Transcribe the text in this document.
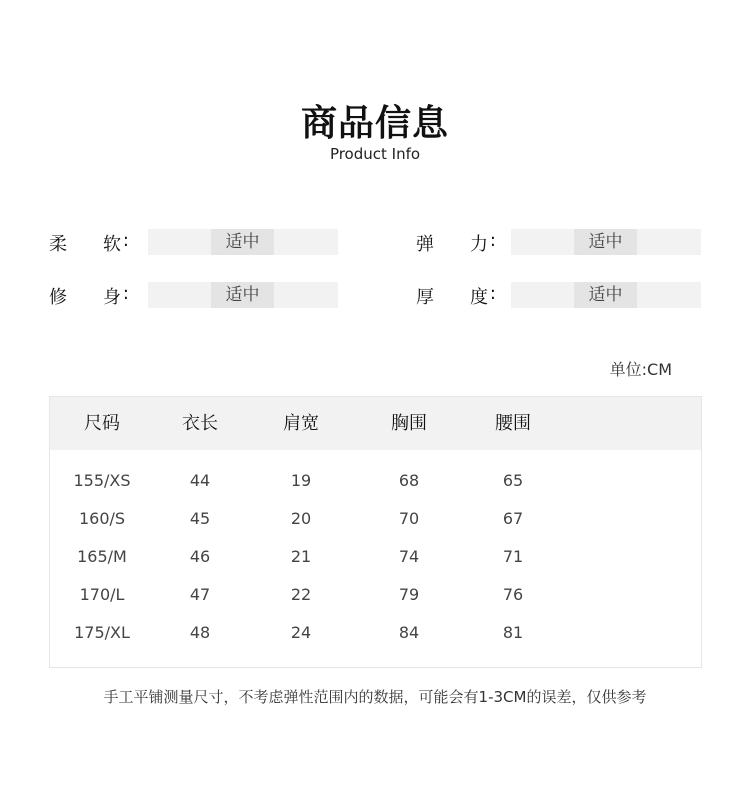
商品信息
Product Info
柔 软 :	适中	弹 力 :	适中
修 身 :	适中	厚 度 :	适中
单位:CM
尺码	衣长	肩宽	胸围	腰围
155/XS	44	19	68	65
160/S	45	20	70	67
165/M	46	21	74	71
170/L	47	22	79	76
175/XL	48	24	84	81
手工平铺测量尺寸，不考虑弹性范围内的数据，可能会有1-3CM的误差，仅供参考
